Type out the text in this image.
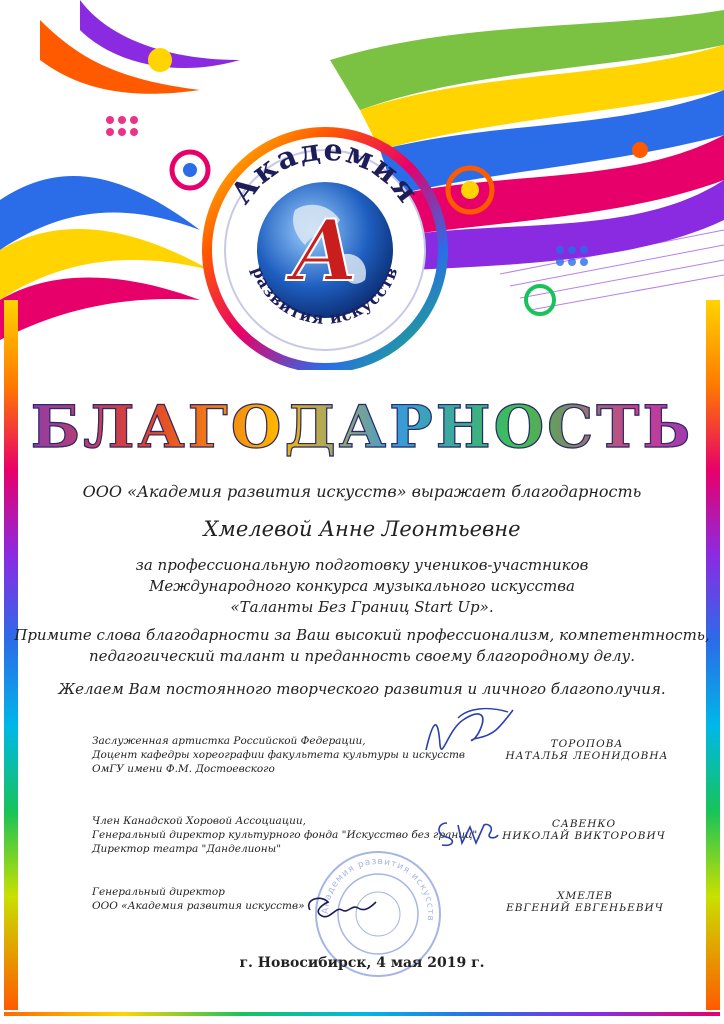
Академия
развития искусств
А
БЛАГОДАРНОСТЬ
ООО «Академия развития искусств» выражает благодарность
Хмелевой Анне Леонтьевне
за профессиональную подготовку учеников-участников
Международного конкурса музыкального искусства
«Таланты Без Границ Start Up».
Примите слова благодарности за Ваш высокий профессионализм, компетентность,
педагогический талант и преданность своему благородному делу.
Желаем Вам постоянного творческого развития и личного благополучия.
Заслуженная артистка Российской Федерации,
Доцент кафедры хореографии факультета культуры и искусств
ОмГУ имени Ф.М. Достоевского
ТОРОПОВА
НАТАЛЬЯ ЛЕОНИДОВНА
Член Канадской Хоровой Ассоциации,
Генеральный директор культурного фонда "Искусство без границ",
Директор театра "Данделионы"
САВЕНКО
НИКОЛАЙ ВИКТОРОВИЧ
Генеральный директор
ООО «Академия развития искусств» Академия развития искусств
ХМЕЛЕВ
ЕВГЕНИЙ ЕВГЕНЬЕВИЧ
г. Новосибирск, 4 мая 2019 г.
